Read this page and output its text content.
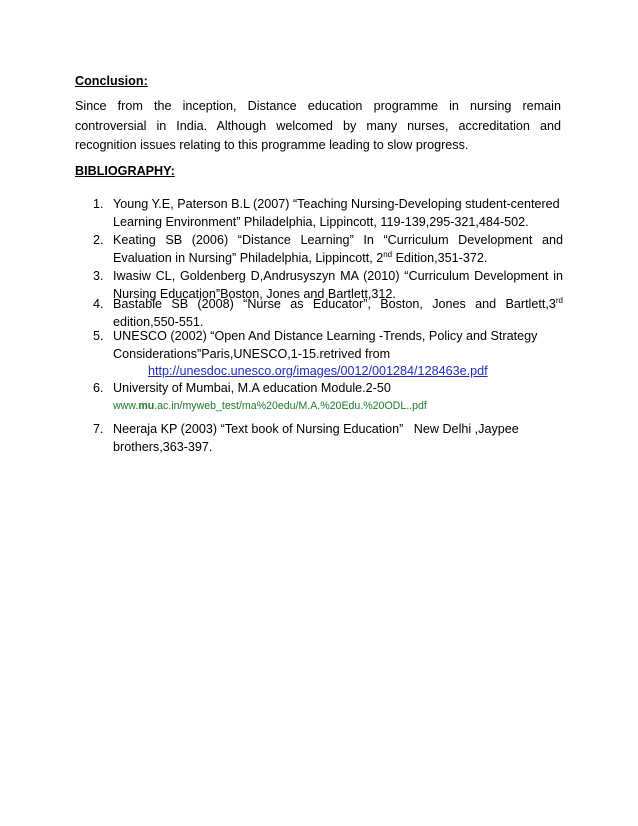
Conclusion:
Since from the inception, Distance education programme in nursing remain
controversial in India. Although welcomed by many nurses, accreditation and
recognition issues relating to this programme leading to slow progress.
BIBLIOGRAPHY:
1. Young Y.E, Paterson B.L (2007) “Teaching Nursing-Developing student-centered
Learning Environment” Philadelphia, Lippincott, 119-139,295-321,484-502.
2. Keating SB (2006) “Distance Learning” In “Curriculum Development and
Evaluation in Nursing” Philadelphia, Lippincott, 2nd Edition,351-372.
3. Iwasiw CL, Goldenberg D,Andrusyszyn MA (2010) “Curriculum Development in
Nursing Education”Boston, Jones and Bartlett,312.
4. Bastable SB (2008) “Nurse as Educator”, Boston, Jones and Bartlett,3rd
edition,550-551.
5. UNESCO (2002) “Open And Distance Learning -Trends, Policy and Strategy
Considerations”Paris,UNESCO,1-15.retrived from
http://unesdoc.unesco.org/images/0012/001284/128463e.pdf
6. University of Mumbai, M.A education Module.2-50
www.mu.ac.in/myweb_test/ma%20edu/M.A.%20Edu.%20ODL..pdf
7. Neeraja KP (2003) “Text book of Nursing Education”   New Delhi ,Jaypee
brothers,363-397.
